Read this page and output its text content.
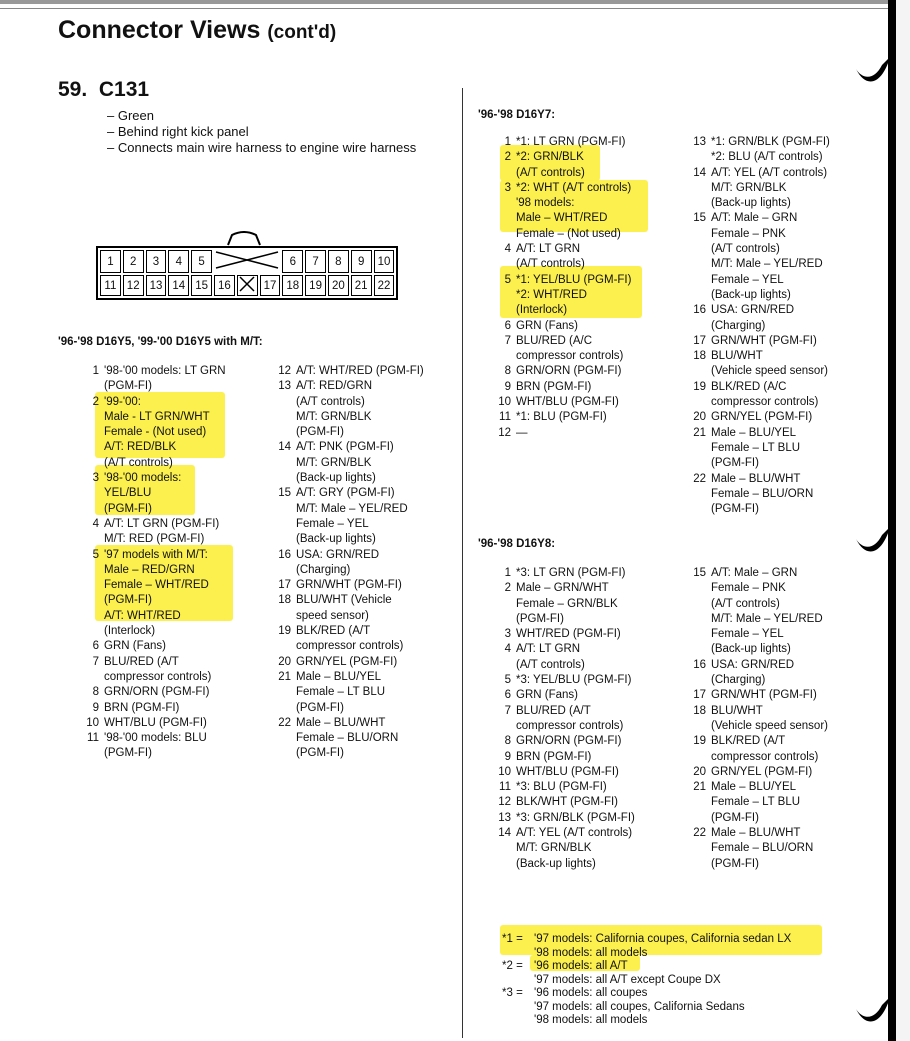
Connector Views (cont'd)
59. C131
– Green
– Behind right kick panel
– Connects main wire harness to engine wire harness
1	2	3	4	5				6	7	8	9	10
11	12	13	14	15	16		17	18	19	20	21	22
'96-'98 D16Y5, '99-'00 D16Y5 with M/T:
1 '98-'00 models: LT GRN
(PGM-FI)
2 '99-'00:
Male - LT GRN/WHT
Female - (Not used)
A/T: RED/BLK
(A/T controls)
3 '98-'00 models:
YEL/BLU
(PGM-FI)
4 A/T: LT GRN (PGM-FI)
M/T: RED (PGM-FI)
5 '97 models with M/T:
Male – RED/GRN
Female – WHT/RED
(PGM-FI)
A/T: WHT/RED
(Interlock)
6 GRN (Fans)
7 BLU/RED (A/T
compressor controls)
8 GRN/ORN (PGM-FI)
9 BRN (PGM-FI)
10 WHT/BLU (PGM-FI)
11 '98-'00 models: BLU
(PGM-FI)
12 A/T: WHT/RED (PGM-FI)
13 A/T: RED/GRN
(A/T controls)
M/T: GRN/BLK
(PGM-FI)
14 A/T: PNK (PGM-FI)
M/T: GRN/BLK
(Back-up lights)
15 A/T: GRY (PGM-FI)
M/T: Male – YEL/RED
Female – YEL
(Back-up lights)
16 USA: GRN/RED
(Charging)
17 GRN/WHT (PGM-FI)
18 BLU/WHT (Vehicle
speed sensor)
19 BLK/RED (A/T
compressor controls)
20 GRN/YEL (PGM-FI)
21 Male – BLU/YEL
Female – LT BLU
(PGM-FI)
22 Male – BLU/WHT
Female – BLU/ORN
(PGM-FI)
'96-'98 D16Y7:
1 *1: LT GRN (PGM-FI)
2 *2: GRN/BLK
(A/T controls)
3 *2: WHT (A/T controls)
'98 models:
Male – WHT/RED
Female – (Not used)
4 A/T: LT GRN
(A/T controls)
5 *1: YEL/BLU (PGM-FI)
*2: WHT/RED
(Interlock)
6 GRN (Fans)
7 BLU/RED (A/C
compressor controls)
8 GRN/ORN (PGM-FI)
9 BRN (PGM-FI)
10 WHT/BLU (PGM-FI)
11 *1: BLU (PGM-FI)
12 —
13 *1: GRN/BLK (PGM-FI)
*2: BLU (A/T controls)
14 A/T: YEL (A/T controls)
M/T: GRN/BLK
(Back-up lights)
15 A/T: Male – GRN
Female – PNK
(A/T controls)
M/T: Male – YEL/RED
Female – YEL
(Back-up lights)
16 USA: GRN/RED
(Charging)
17 GRN/WHT (PGM-FI)
18 BLU/WHT
(Vehicle speed sensor)
19 BLK/RED (A/C
compressor controls)
20 GRN/YEL (PGM-FI)
21 Male – BLU/YEL
Female – LT BLU
(PGM-FI)
22 Male – BLU/WHT
Female – BLU/ORN
(PGM-FI)
'96-'98 D16Y8:
1 *3: LT GRN (PGM-FI)
2 Male – GRN/WHT
Female – GRN/BLK
(PGM-FI)
3 WHT/RED (PGM-FI)
4 A/T: LT GRN
(A/T controls)
5 *3: YEL/BLU (PGM-FI)
6 GRN (Fans)
7 BLU/RED (A/T
compressor controls)
8 GRN/ORN (PGM-FI)
9 BRN (PGM-FI)
10 WHT/BLU (PGM-FI)
11 *3: BLU (PGM-FI)
12 BLK/WHT (PGM-FI)
13 *3: GRN/BLK (PGM-FI)
14 A/T: YEL (A/T controls)
M/T: GRN/BLK
(Back-up lights)
15 A/T: Male – GRN
Female – PNK
(A/T controls)
M/T: Male – YEL/RED
Female – YEL
(Back-up lights)
16 USA: GRN/RED
(Charging)
17 GRN/WHT (PGM-FI)
18 BLU/WHT
(Vehicle speed sensor)
19 BLK/RED (A/T
compressor controls)
20 GRN/YEL (PGM-FI)
21 Male – BLU/YEL
Female – LT BLU
(PGM-FI)
22 Male – BLU/WHT
Female – BLU/ORN
(PGM-FI)
*1 = '97 models: California coupes, California sedan LX
'98 models: all models
*2 = '96 models: all A/T
'97 models: all A/T except Coupe DX
*3 = '96 models: all coupes
'97 models: all coupes, California Sedans
'98 models: all models
